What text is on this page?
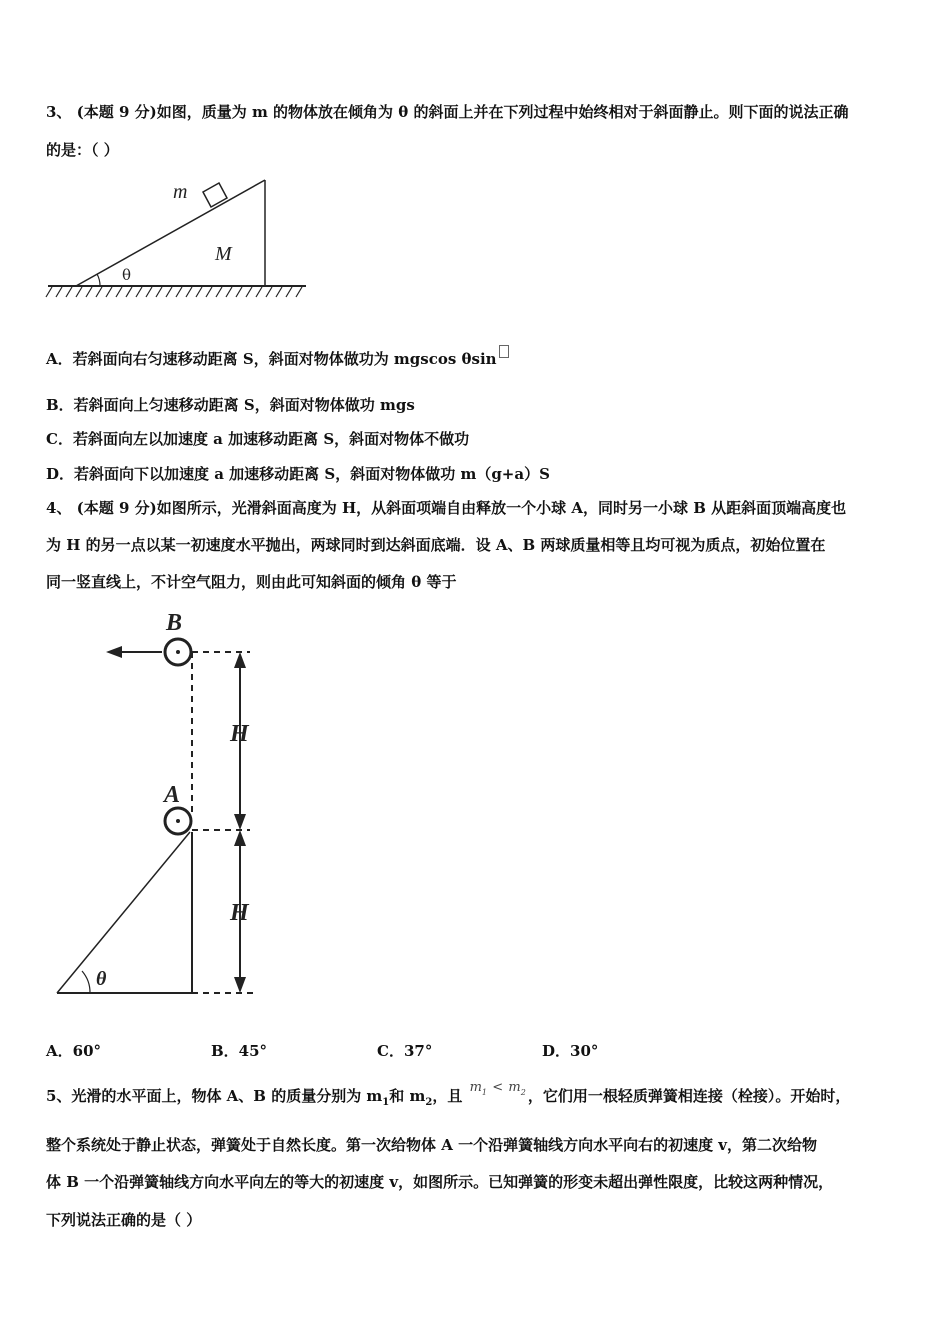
3、 (本题 9 分)如图，质量为 m 的物体放在倾角为 θ 的斜面上并在下列过程中始终相对于斜面静止。则下面的说法正确
的是：（ ）
m
M
θ
A．若斜面向右匀速移动距离 S，斜面对物体做功为 mgscos θsin
B．若斜面向上匀速移动距离 S，斜面对物体做功 mgs
C．若斜面向左以加速度 a 加速移动距离 S，斜面对物体不做功
D．若斜面向下以加速度 a 加速移动距离 S，斜面对物体做功 m（g+a）S
4、 (本题 9 分)如图所示，光滑斜面高度为 H，从斜面项端自由释放一个小球 A，同时另一小球 B 从距斜面顶端高度也
为 H 的另一点以某一初速度水平抛出，两球同时到达斜面底端．设 A、B 两球质量相等且均可视为质点，初始位置在
同一竖直线上，不计空气阻力，则由此可知斜面的倾角 θ 等于
B
A
H
H
θ
A．60°	B．45°	C．37°	D．30°
5、光滑的水平面上，物体 A、B 的质量分别为 $m_1$和 $m_2$，且 $m_1 < m_2$ ，它们用一根轻质弹簧相连接（栓接）。开始时，
整个系统处于静止状态，弹簧处于自然长度。第一次给物体 A 一个沿弹簧轴线方向水平向右的初速度 v，第二次给物
体 B 一个沿弹簧轴线方向水平向左的等大的初速度 v，如图所示。已知弹簧的形变未超出弹性限度，比较这两种情况，
下列说法正确的是（ ）
